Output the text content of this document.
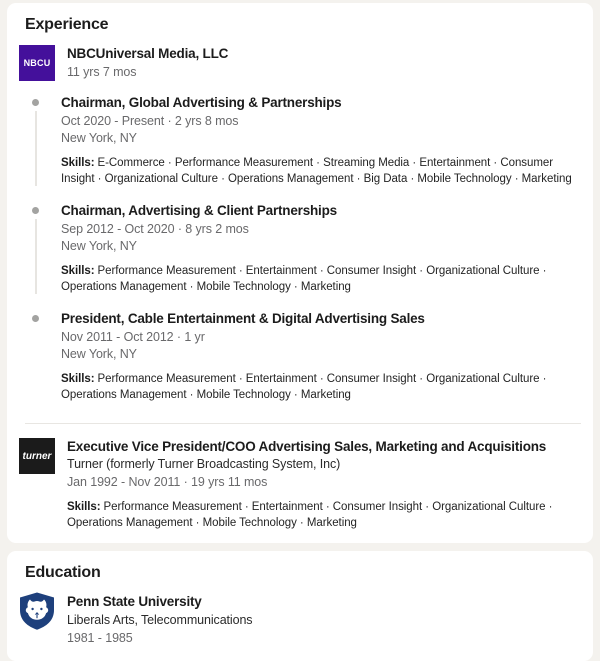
Experience
NBCU
NBCUniversal Media, LLC
11 yrs 7 mos
Chairman, Global Advertising & Partnerships
Oct 2020 - Present · 2 yrs 8 mos
New York, NY

Skills: E-Commerce · Performance Measurement · Streaming Media · Entertainment · Consumer Insight · Organizational Culture · Operations Management · Big Data · Mobile Technology · Marketing

Chairman, Advertising & Client Partnerships
Sep 2012 - Oct 2020 · 8 yrs 2 mos
New York, NY

Skills: Performance Measurement · Entertainment · Consumer Insight · Organizational Culture · Operations Management · Mobile Technology · Marketing

President, Cable Entertainment & Digital Advertising Sales
Nov 2011 - Oct 2012 · 1 yr
New York, NY

Skills: Performance Measurement · Entertainment · Consumer Insight · Organizational Culture · Operations Management · Mobile Technology · Marketing

turner
Executive Vice President/COO Advertising Sales, Marketing and Acquisitions
Turner (formerly Turner Broadcasting System, Inc)
Jan 1992 - Nov 2011 · 19 yrs 11 mos

Skills: Performance Measurement · Entertainment · Consumer Insight · Organizational Culture · Operations Management · Mobile Technology · Marketing

Education
Penn State University
Liberals Arts, Telecommunications
1981 - 1985
